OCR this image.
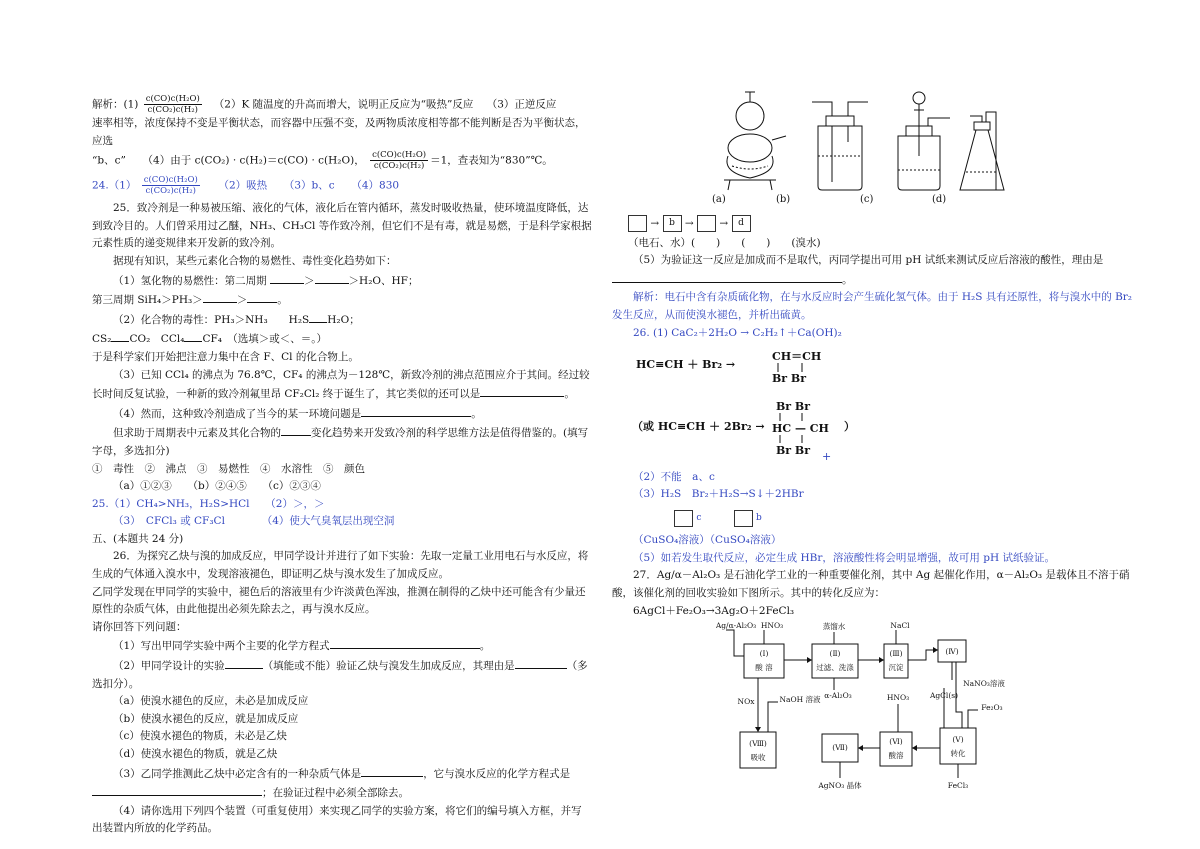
解析：$(1) \frac{\text{c(CO)c(H₂O)}}{\text{c(CO₂)c(H₂)}} (2)K$ 随温度的升高而增大，说明正反应为“吸热”反应 （3）正逆反应

速率相等，浓度保持不变是平衡状态，而容器中压强不变，及两物质浓度相等都不能判断是否为平衡状态，应选

“b、c” （4）由于 c(CO₂) · c(H₂)＝c(CO) · c(H₂O)， $\frac{\text{c(CO)c(H₂O)}}{\text{c(CO₂)c(H₂)}} =1$，查表知为“830”℃。

$24.(1) \frac{\text{c(CO)c(H₂O)}}{\text{c(CO₂)c(H₂)}} (2)$吸热 （3）b、c （4）830

25．致冷剂是一种易被压缩、液化的气体，液化后在管内循环，蒸发时吸收热量，使环境温度降低，达到致冷目的。人们曾采用过乙醚，NH₃、CH₃Cl 等作致冷剂，但它们不是有毒，就是易燃，于是科学家根据元素性质的递变规律来开发新的致冷剂。

据现有知识，某些元素化合物的易燃性、毒性变化趋势如下：

（1）氢化物的易燃性：第二周期	＞	＞H₂O、HF；

第三周期 SiH₄＞PH₃＞	＞	。

（2）化合物的毒性：PH₃＞NH₃　　H₂S H₂O；

CS₂ CO₂　CCl₄ CF₄　（选填＞或＜、＝。）

于是科学家们开始把注意力集中在含 F、Cl 的化合物上。

（3）已知 CCl₄ 的沸点为 76.8℃，CF₄ 的沸点为－128℃，新致冷剂的沸点范围应介于其间。经过较长时间反复试验，一种新的致冷剂氟里昂 CF₂Cl₂ 终于诞生了，其它类似的还可以是	。

（4）然而，这种致冷剂造成了当今的某一环境问题是	。

但求助于周期表中元素及其化合物的	变化趋势来开发致冷剂的科学思维方法是值得借鉴的。(填写字母，多选扣分)

①　毒性　②　沸点　③　易燃性　④　水溶性　⑤　颜色

（a）①②③　　（b）②④⑤　　（c）②③④

25.（1）CH₄>NH₃，H₂S>HCl　　（2）＞，＞

（3）　CFCl₃ 或 CF₃Cl　　　　（4）使大气臭氧层出现空洞

五、(本题共 24 分)

26．为探究乙炔与溴的加成反应，甲同学设计并进行了如下实验：先取一定量工业用电石与水反应，将生成的气体通入溴水中，发现溶液褪色，即证明乙炔与溴水发生了加成反应。

乙同学发现在甲同学的实验中，褪色后的溶液里有少许淡黄色浑浊，推测在制得的乙炔中还可能含有少量还原性的杂质气体，由此他提出必须先除去之，再与溴水反应。

请你回答下列问题：

（1）写出甲同学实验中两个主要的化学方程式	。

（2）甲同学设计的实验	（填能或不能）验证乙炔与溴发生加成反应，其理由是	（多选扣分）。

（a）使溴水褪色的反应，未必是加成反应

（b）使溴水褪色的反应，就是加成反应

（c）使溴水褪色的物质，未必是乙炔

（d）使溴水褪色的物质，就是乙炔

（3）乙同学推测此乙炔中必定含有的一种杂质气体是	，它与溴水反应的化学方程式是

；在验证过程中必须全部除去。

（4）请你选用下列四个装置（可重复使用）来实现乙同学的实验方案，将它们的编号填入方框，并写出装置内所放的化学药品。

(a)	(b)	(c)	(d)

→ b → → d

（电石、水）(　　)　　(　　)　　(溴水)

（5）为验证这一反应是加成而不是取代，丙同学提出可用 pH 试纸来测试反应后溶液的酸性，理由是。

解析：电石中含有杂质硫化物，在与水反应时会产生硫化氢气体。由于 H₂S 具有还原性，将与溴水中的 Br₂ 发生反应，从而使溴水褪色，并析出硫黄。

26. (1) CaC₂＋2H₂O → C₂H₂↑＋Ca(OH)₂

HC≡CH ＋ Br₂ →
CH＝CH
Br Br
（或 HC≡CH ＋ 2Br₂ →
Br Br
HC — CH
Br Br
）
+

（2）不能　a、c

（3）H₂S　Br₂＋H₂S→S↓＋2HBr

c	b

（CuSO₄溶液）（CuSO₄溶液）

（5）如若发生取代反应，必定生成 HBr，溶液酸性将会明显增强，故可用 pH 试纸验证。

27．Ag/α－Al₂O₃ 是石油化学工业的一种重要催化剂，其中 Ag 起催化作用，α－Al₂O₃ 是载体且不溶于硝酸，该催化剂的回收实验如下图所示。其中的转化反应为：

6AgCl＋Fe₂O₃→3Ag₂O＋2FeCl₃

Ag/α-Al₂O₃ HNO₃	蒸馏水	NaCl
(Ⅰ)
酸 溶
(Ⅱ)
过滤、洗涤
(Ⅲ)
沉淀
(Ⅳ)
α-Al₂O₃	AgCl(s)
NaNO₃溶液
NOx	NaOH 溶液	HNO₃
Fe₂O₃
(Ⅷ)
吸收
(Ⅶ)
(Ⅵ)
酸溶
(Ⅴ)
转化
FeCl₃
AgNO₃ 晶体
